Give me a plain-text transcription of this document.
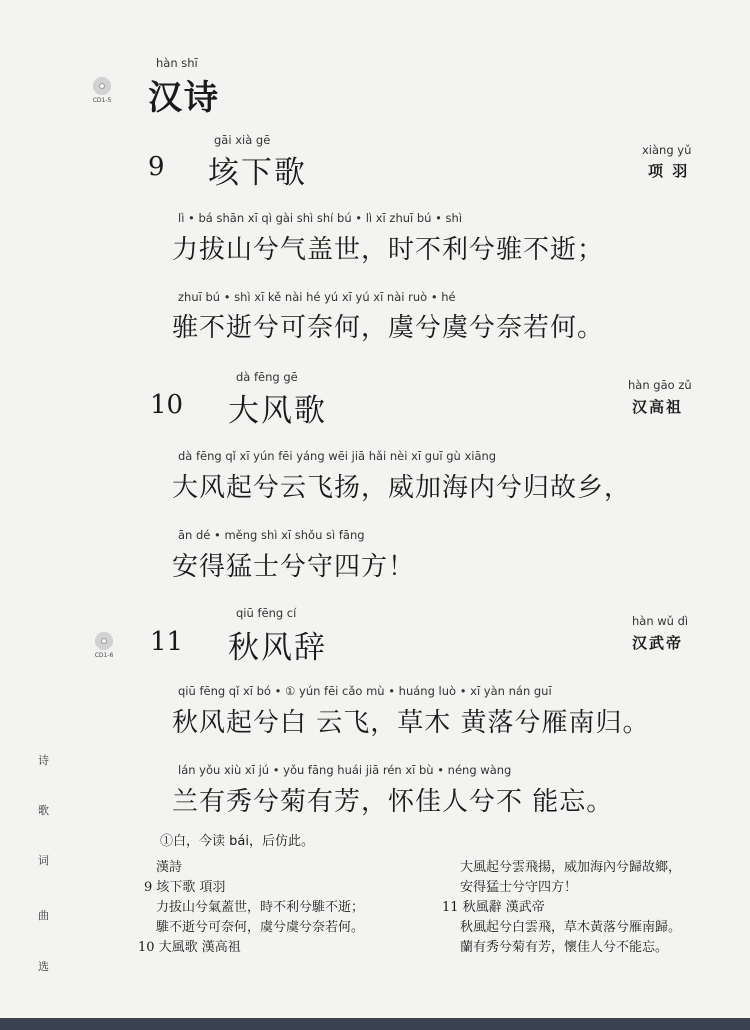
CD1-5
CD1-6
hàn shī
汉诗
gāi xià gē
9 垓下歌
xiàng yǔ
项 羽
lì • bá shān xī qì gài shì shí bú • lì xī zhuī bú • shì
力拔山兮气盖世，时不利兮骓不逝；
zhuī bú • shì xī kě nài hé yú xī yú xī nài ruò • hé
骓不逝兮可奈何，虞兮虞兮奈若何。
dà fēng gē
10 大风歌
hàn gāo zǔ
汉高祖
dà fēng qǐ xī yún fēi yáng wēi jiā hǎi nèi xī guī gù xiāng
大风起兮云飞扬，威加海内兮归故乡，
ān dé • měng shì xī shǒu sì fāng
安得猛士兮守四方！
qiū fēng cí
11 秋风辞
hàn wǔ dì
汉武帝
qiū fēng qǐ xī bó • ① yún fēi cǎo mù • huáng luò • xī yàn nán guī
秋风起兮白 云飞，草木 黄落兮雁南归。
lán yǒu xiù xī jú • yǒu fāng huái jiā rén xī bù • néng wàng
兰有秀兮菊有芳，怀佳人兮不 能忘。
①白，今读 bái，后仿此。
漢詩
9 垓下歌 項羽
力拔山兮氣蓋世，時不利兮騅不逝；
騅不逝兮可奈何，虞兮虞兮奈若何。
10 大風歌 漢高祖
大風起兮雲飛揚，威加海內兮歸故鄉，
安得猛士兮守四方！
11 秋風辭 漢武帝
秋風起兮白雲飛，草木黃落兮雁南歸。
蘭有秀兮菊有芳，懷佳人兮不能忘。
诗
歌
词
曲
选
